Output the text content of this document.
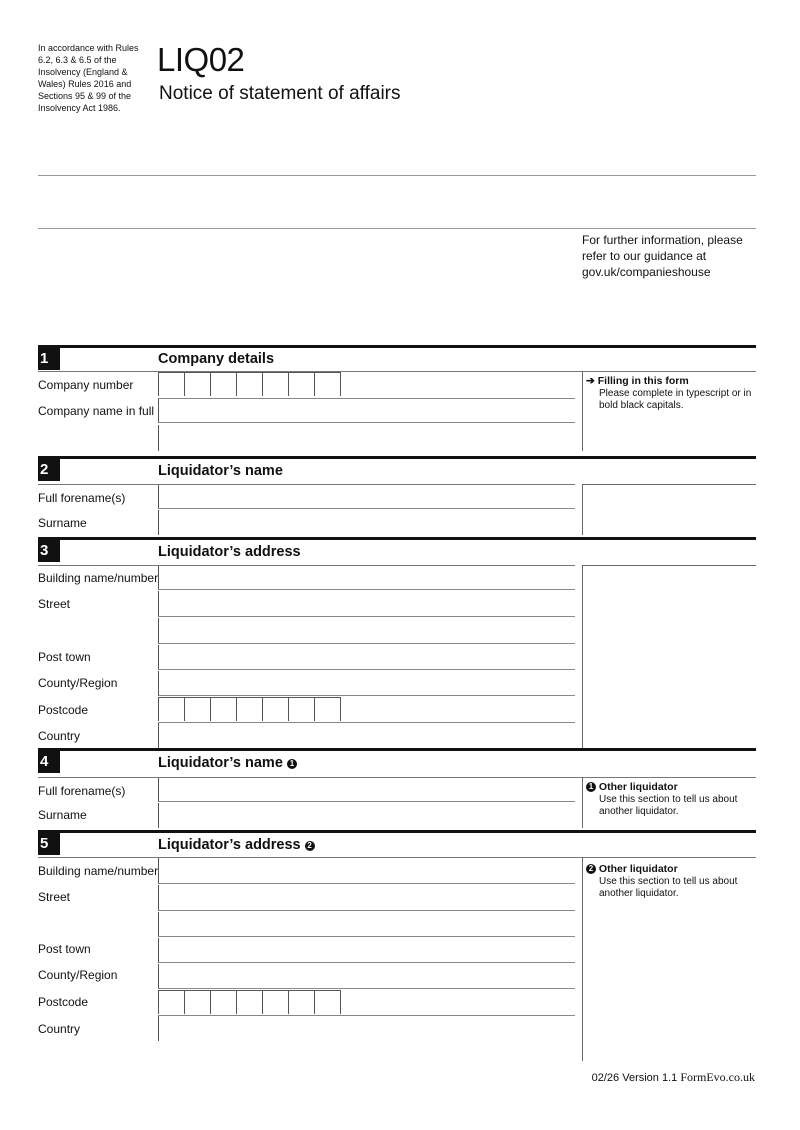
In accordance with Rules 6.2, 6.3 & 6.5 of the Insolvency (England & Wales) Rules 2016 and Sections 95 & 99 of the Insolvency Act 1986.
LIQ02
Notice of statement of affairs
For further information, please refer to our guidance at gov.uk/companieshouse
1	Company details
Company number
Company name in full
➔ Filling in this form
Please complete in typescript or in bold black capitals.
2	Liquidator’s name
Full forename(s)
Surname
3	Liquidator’s address
Building name/number
Street
Post town
County/Region
Postcode
Country
4	Liquidator’s name 1
Full forename(s)
Surname
1 Other liquidator
Use this section to tell us about another liquidator.
5	Liquidator’s address 2
Building name/number
Street
Post town
County/Region
Postcode
Country
2 Other liquidator
Use this section to tell us about another liquidator.
02/26 Version 1.1 FormEvo.co.uk
